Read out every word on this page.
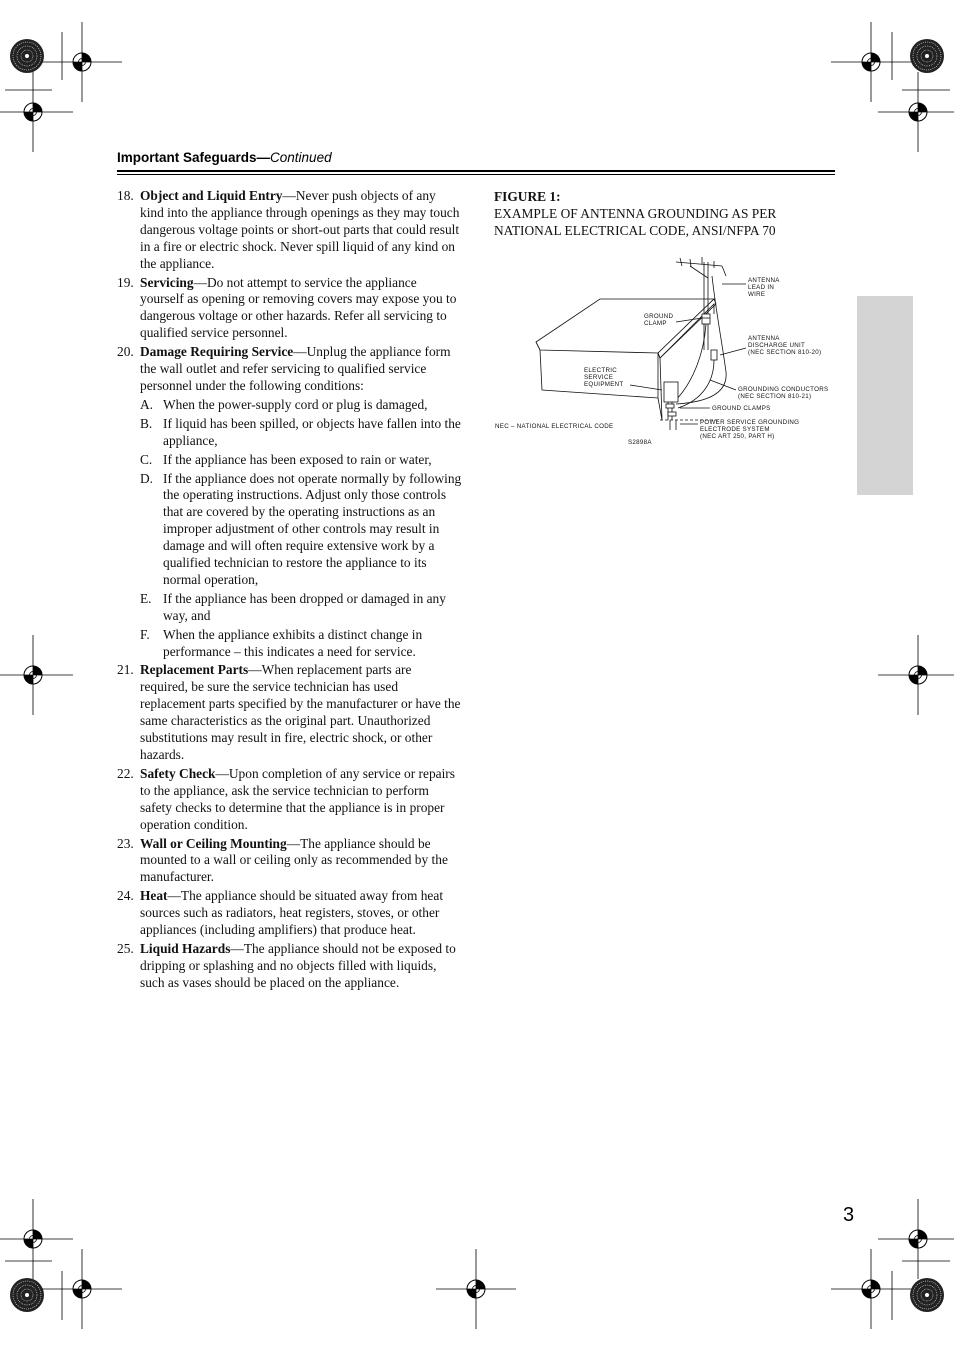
Important Safeguards—Continued
18. Object and Liquid Entry—Never push objects of any kind into the appliance through openings as they may touch dangerous voltage points or short-out parts that could result in a fire or electric shock. Never spill liquid of any kind on the appliance.
19. Servicing—Do not attempt to service the appliance yourself as opening or removing covers may expose you to dangerous voltage or other hazards. Refer all servicing to qualified service personnel.
20. Damage Requiring Service—Unplug the appliance form the wall outlet and refer servicing to qualified service personnel under the following conditions:
A. When the power-supply cord or plug is damaged,
B. If liquid has been spilled, or objects have fallen into the appliance,
C. If the appliance has been exposed to rain or water,
D. If the appliance does not operate normally by following the operating instructions. Adjust only those controls that are covered by the operating instructions as an improper adjustment of other controls may result in damage and will often require extensive work by a qualified technician to restore the appliance to its normal operation,
E. If the appliance has been dropped or damaged in any way, and
F. When the appliance exhibits a distinct change in performance – this indicates a need for service.
21. Replacement Parts—When replacement parts are required, be sure the service technician has used replacement parts specified by the manufacturer or have the same characteristics as the original part. Unauthorized substitutions may result in fire, electric shock, or other hazards.
22. Safety Check—Upon completion of any service or repairs to the appliance, ask the service technician to perform safety checks to determine that the appliance is in proper operation condition.
23. Wall or Ceiling Mounting—The appliance should be mounted to a wall or ceiling only as recommended by the manufacturer.
24. Heat—The appliance should be situated away from heat sources such as radiators, heat registers, stoves, or other appliances (including amplifiers) that produce heat.
25. Liquid Hazards—The appliance should not be exposed to dripping or splashing and no objects filled with liquids, such as vases should be placed on the appliance.
FIGURE 1:
EXAMPLE OF ANTENNA GROUNDING AS PER NATIONAL ELECTRICAL CODE, ANSI/NFPA 70
ANTENNA
LEAD IN
WIRE
GROUND
CLAMP
ANTENNA
DISCHARGE UNIT
(NEC SECTION 810-20)
ELECTRIC
SERVICE
EQUIPMENT
GROUNDING CONDUCTORS
(NEC SECTION 810-21)
GROUND CLAMPS
POWER SERVICE GROUNDING
ELECTRODE SYSTEM
(NEC ART 250, PART H)
NEC – NATIONAL ELECTRICAL CODE
S2898A
3
